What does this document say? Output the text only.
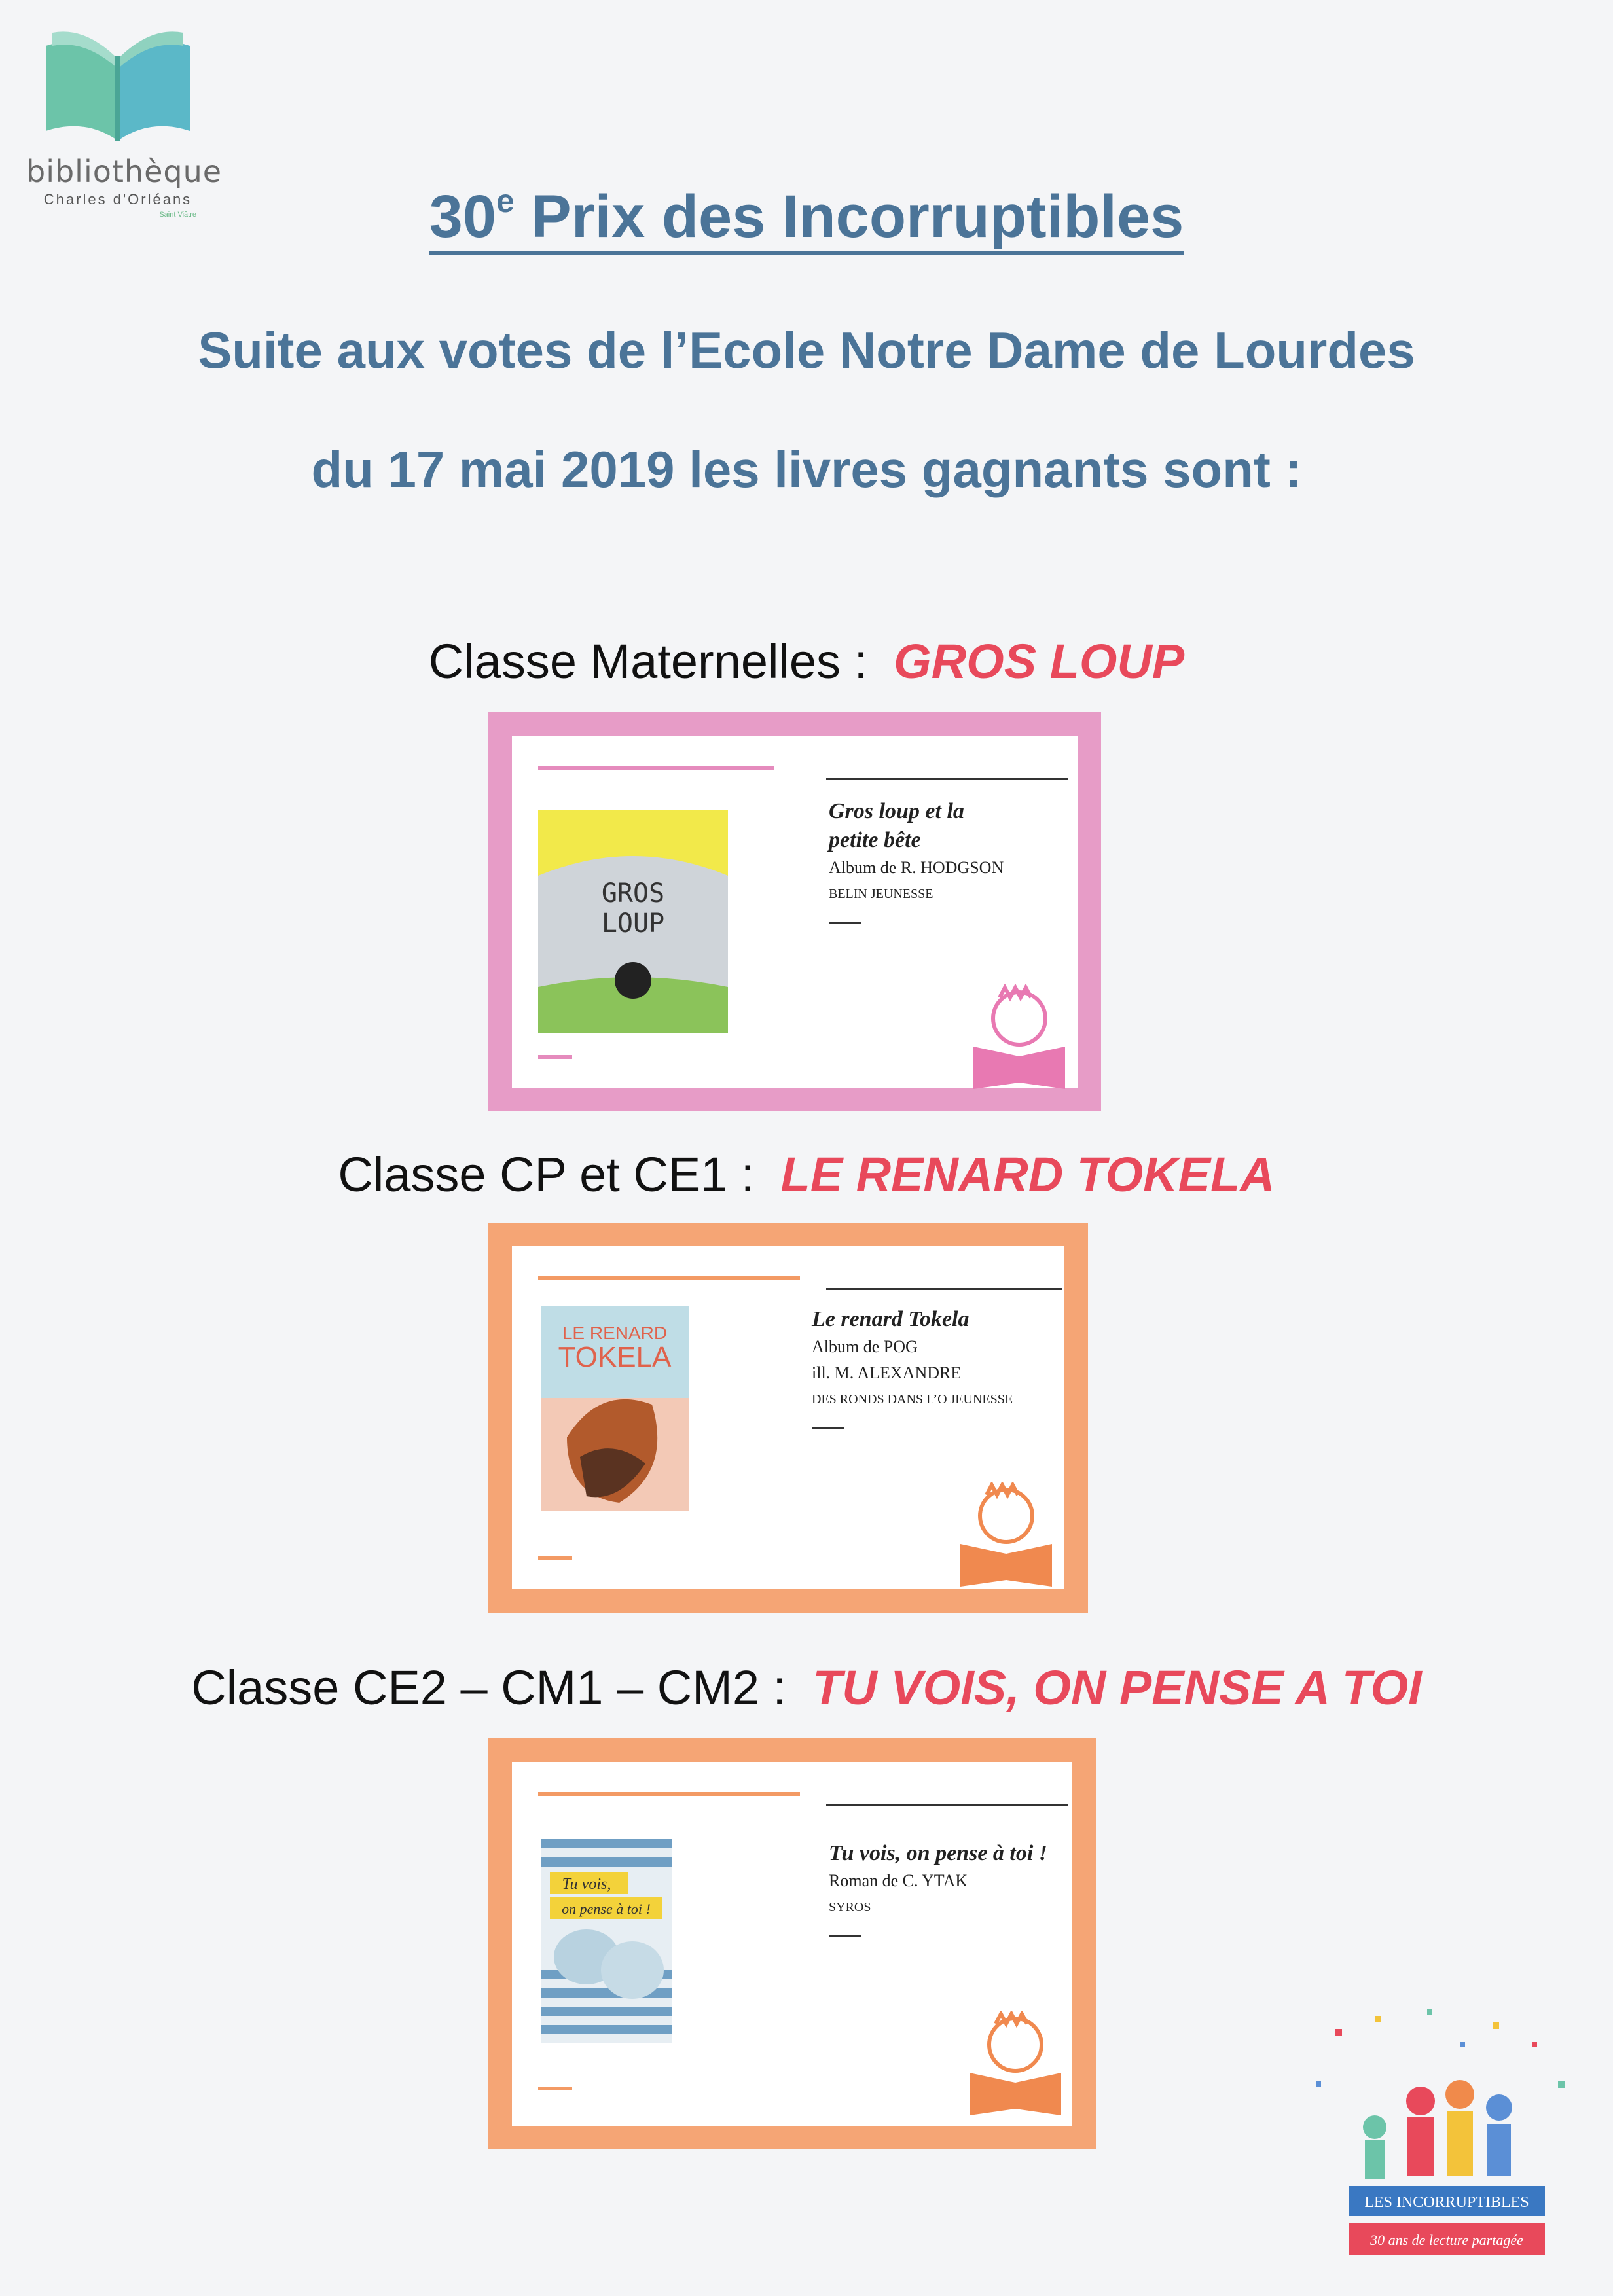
bibliothèque
Charles d'Orléans
Saint Viâtre	30e Prix des Incorruptibles
Suite aux votes de l’Ecole Notre Dame de Lourdes
du 17 mai 2019 les livres gagnants sont :
Classe Maternelles : GROS LOUP
GROS
LOUP
Gros loup et la
petite bête
Album de R. HODGSON
BELIN JEUNESSE
Classe CP et CE1 : LE RENARD TOKELA
LE RENARD
TOKELA
Le renard Tokela
Album de POG
ill. M. ALEXANDRE
DES RONDS DANS L’O JEUNESSE
Classe CE2 – CM1 – CM2 : TU VOIS, ON PENSE A TOI
Tu vois,
on pense à toi !
Tu vois, on pense à toi !
Roman de C. YTAK
SYROS
LES INCORRUPTIBLES
30 ans de lecture partagée
